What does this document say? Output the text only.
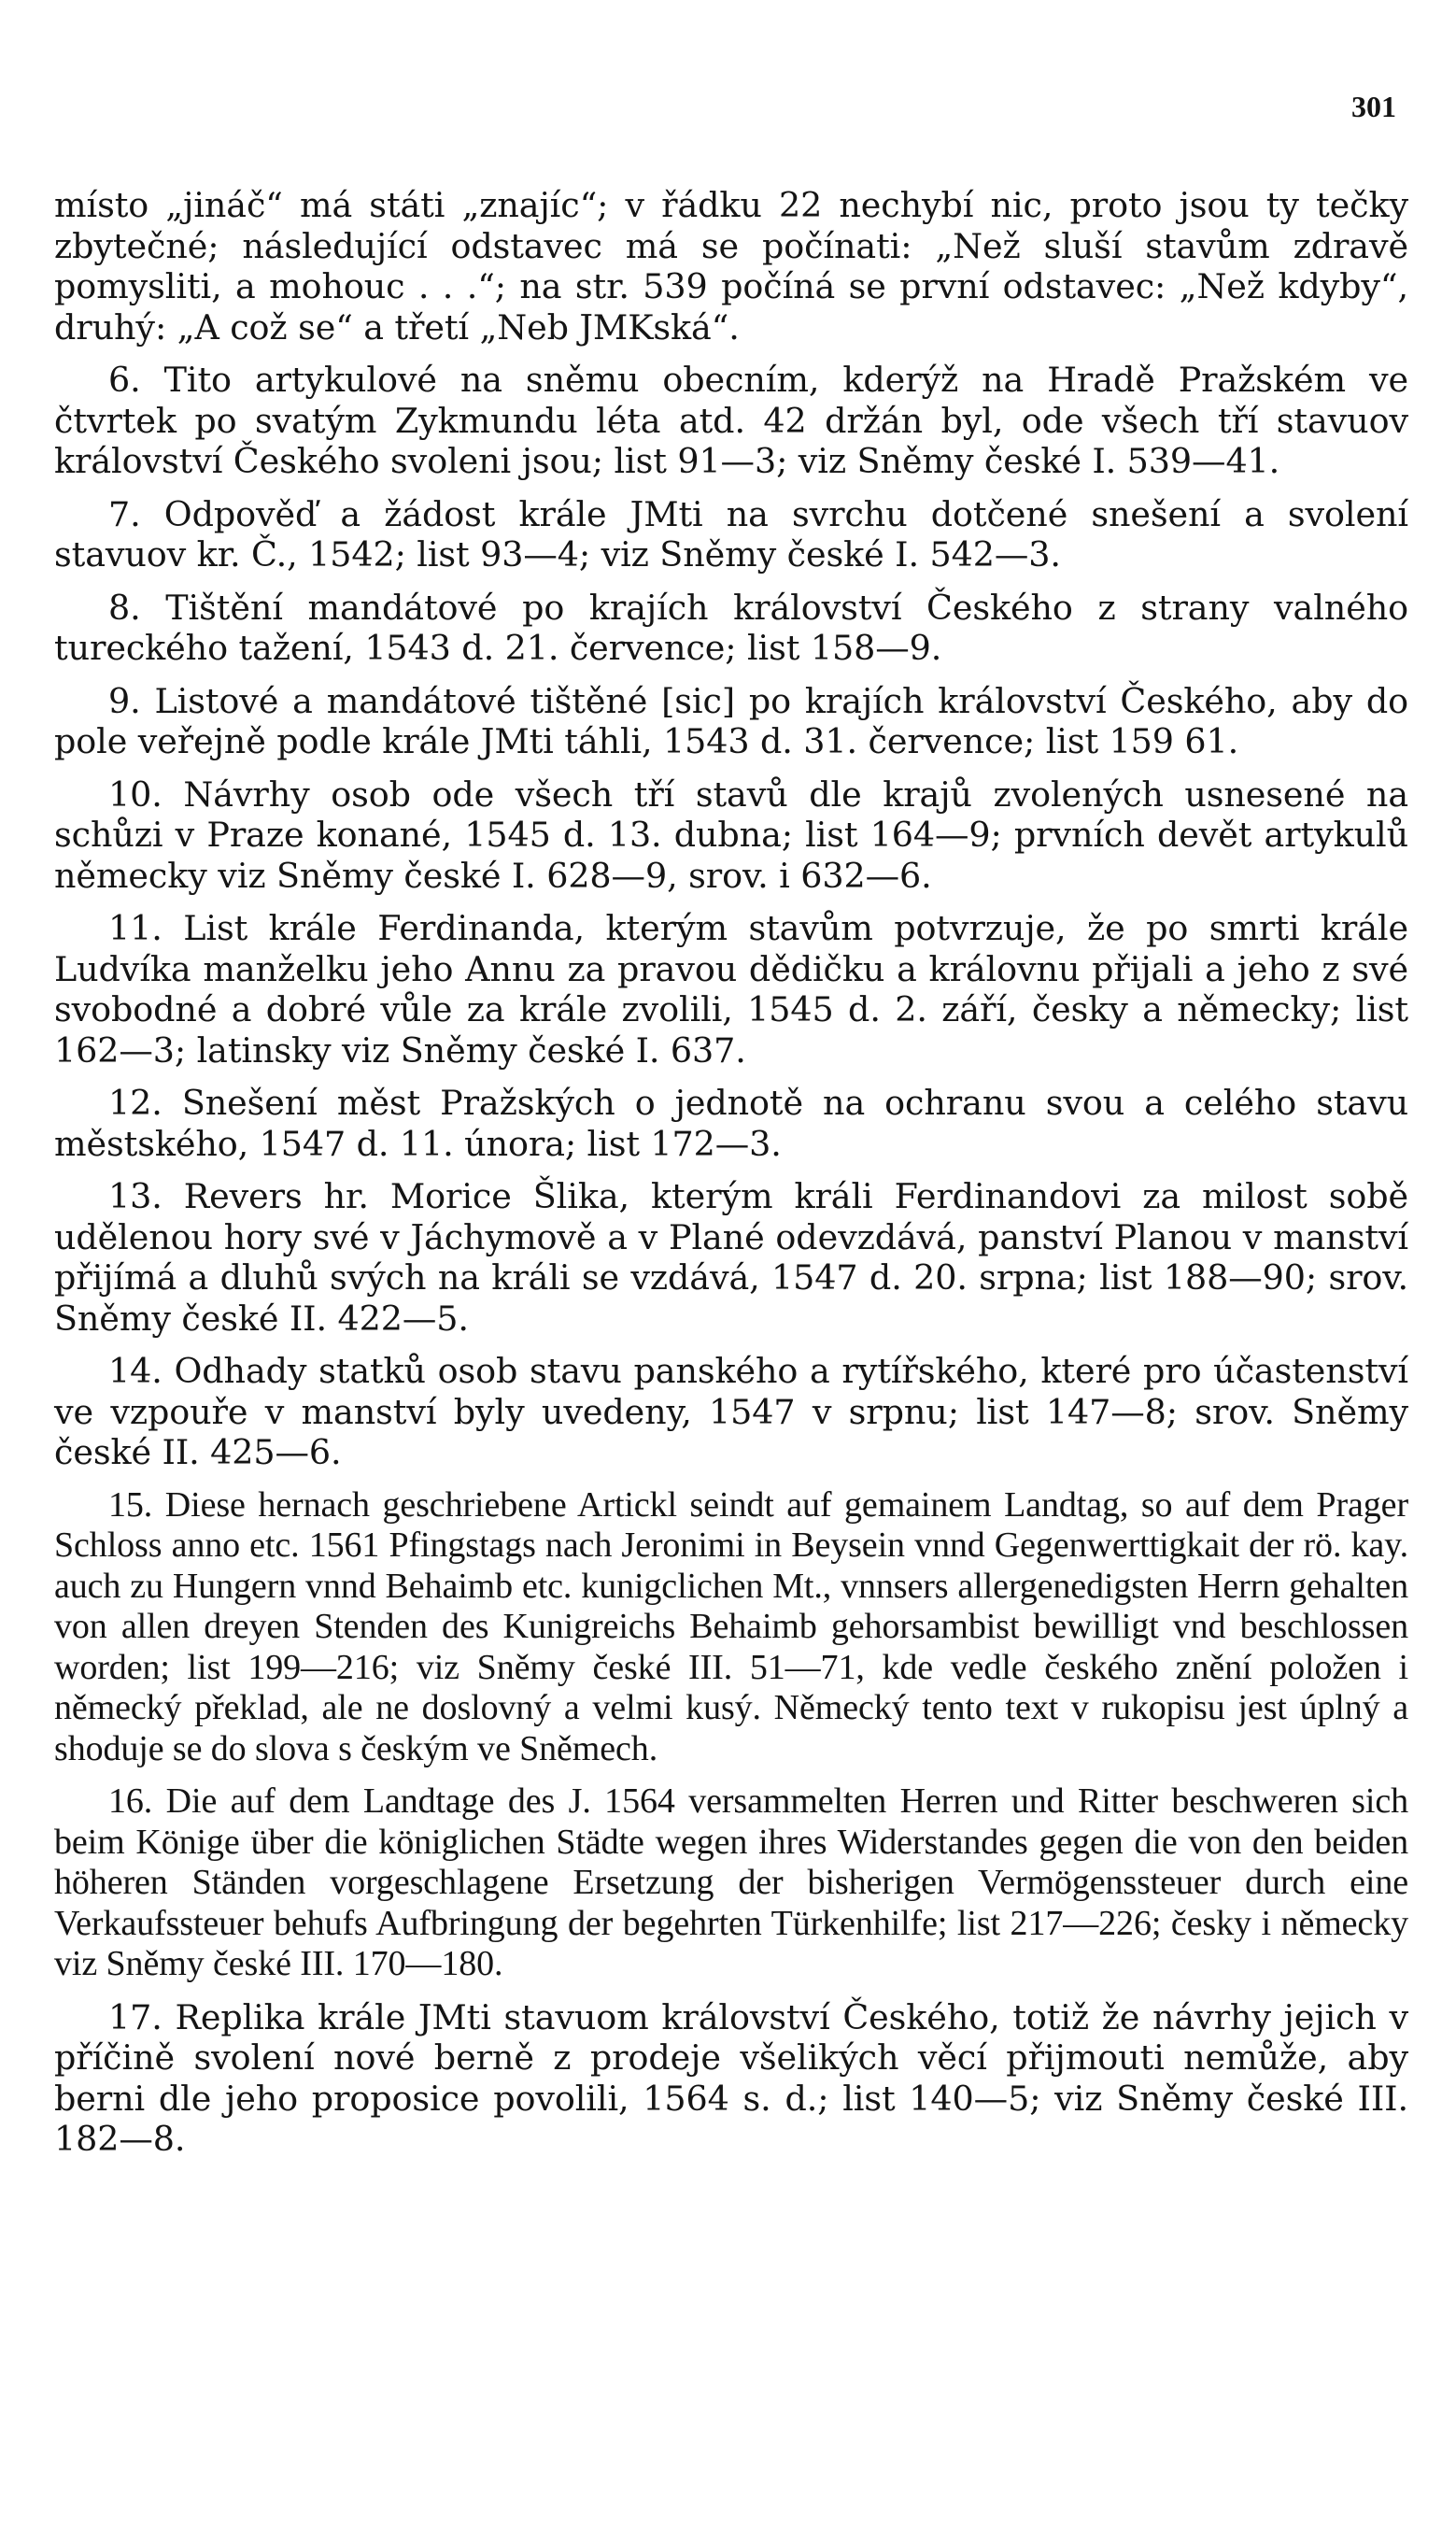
301

místo „jináč“ má státi „znajíc“; v řádku 22 nechybí nic, proto jsou ty tečky zbytečné; následující odstavec má se počínati: „Než sluší stavům zdravě pomysliti, a mohouc . . .“; na str. 539 počíná se první odstavec: „Než kdyby“, druhý: „A což se“ a třetí „Neb JMKská“.

6. Tito artykulové na sněmu obecním, kderýž na Hradě Pražském ve čtvrtek po svatým Zykmundu léta atd. 42 držán byl, ode všech tří stavuov království Českého svoleni jsou; list 91—3; viz Sněmy české I. 539—41.

7. Odpověď a žádost krále JMti na svrchu dotčené snešení a svolení stavuov kr. Č., 1542; list 93—4; viz Sněmy české I. 542—3.

8. Tištění mandátové po krajích království Českého z strany valného tureckého tažení, 1543 d. 21. července; list 158—9.

9. Listové a mandátové tištěné [sic] po krajích království Českého, aby do pole veřejně podle krále JMti táhli, 1543 d. 31. července; list 159 61.

10. Návrhy osob ode všech tří stavů dle krajů zvolených usnesené na schůzi v Praze konané, 1545 d. 13. dubna; list 164—9; prvních devět artykulů německy viz Sněmy české I. 628—9, srov. i 632—6.

11. List krále Ferdinanda, kterým stavům potvrzuje, že po smrti krále Ludvíka manželku jeho Annu za pravou dědičku a královnu přijali a jeho z své svobodné a dobré vůle za krále zvolili, 1545 d. 2. září, česky a německy; list 162—3; latinsky viz Sněmy české I. 637.

12. Snešení měst Pražských o jednotě na ochranu svou a celého stavu městského, 1547 d. 11. února; list 172—3.

13. Revers hr. Morice Šlika, kterým králi Ferdinandovi za milost sobě udělenou hory své v Jáchymově a v Plané odevzdává, panství Planou v manství přijímá a dluhů svých na králi se vzdává, 1547 d. 20. srpna; list 188—90; srov. Sněmy české II. 422—5.

14. Odhady statků osob stavu panského a rytířského, které pro účastenství ve vzpouře v manství byly uvedeny, 1547 v srpnu; list 147—8; srov. Sněmy české II. 425—6.

15. Diese hernach geschriebene Artickl seindt auf gemainem Landtag, so auf dem Prager Schloss anno etc. 1561 Pfingstags nach Jeronimi in Beysein vnnd Gegenwerttigkait der rö. kay. auch zu Hungern vnnd Behaimb etc. kunigclichen Mt., vnnsers allergenedigsten Herrn gehalten von allen dreyen Stenden des Kunigreichs Behaimb gehorsambist bewilligt vnd beschlossen worden; list 199—216; viz Sněmy české III. 51—71, kde vedle českého znění položen i německý překlad, ale ne doslovný a velmi kusý. Německý tento text v rukopisu jest úplný a shoduje se do slova s českým ve Sněmech.

16. Die auf dem Landtage des J. 1564 versammelten Herren und Ritter beschweren sich beim Könige über die königlichen Städte wegen ihres Widerstandes gegen die von den beiden höheren Ständen vorgeschlagene Ersetzung der bisherigen Vermögenssteuer durch eine Verkaufssteuer behufs Aufbringung der begehrten Türkenhilfe; list 217—226; česky i německy viz Sněmy české III. 170—180.

17. Replika krále JMti stavuom království Českého, totiž že návrhy jejich v příčině svolení nové berně z prodeje všelikých věcí přijmouti nemůže, aby berni dle jeho proposice povolili, 1564 s. d.; list 140—5; viz Sněmy české III. 182—8.
